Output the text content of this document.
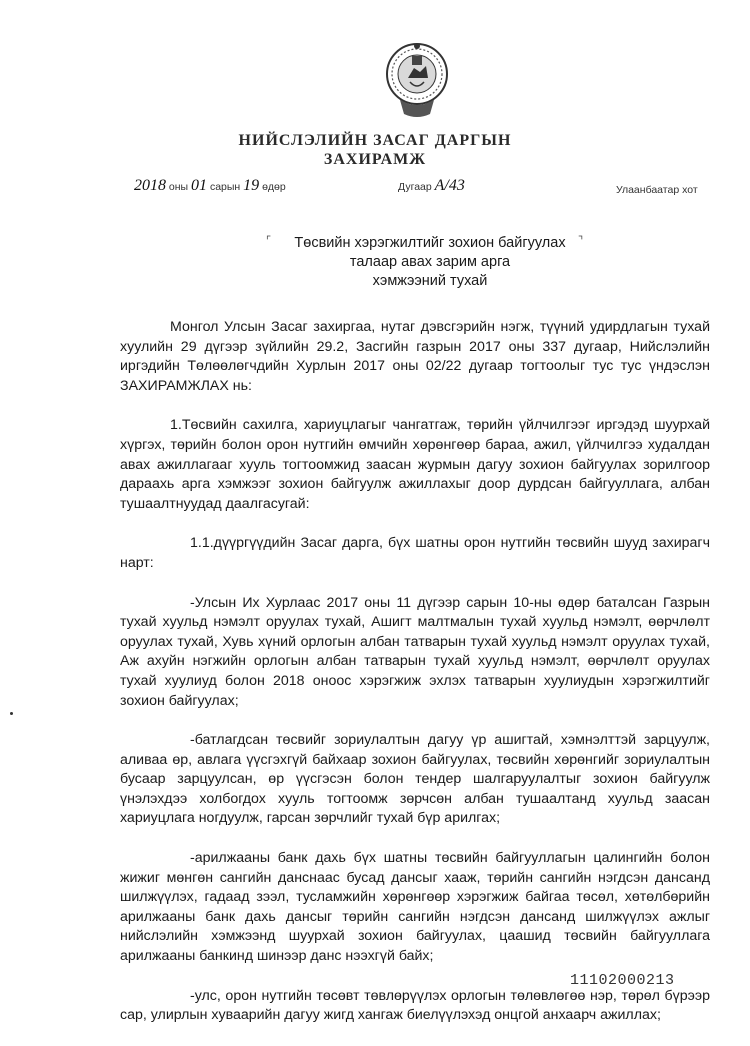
НИЙСЛЭЛИЙН ЗАСАГ ДАРГЫН
ЗАХИРАМЖ
2018 оны 01 сарын 19 өдөр	Дугаар А/43	Улаанбаатар хот
⌜	⌝
Төсвийн хэрэгжилтийг зохион байгуулах
талаар авах зарим арга
хэмжээний тухай

Монгол Улсын Засаг захиргаа, нутаг дэвсгэрийн нэгж, түүний удирдлагын тухай хуулийн 29 дүгээр зүйлийн 29.2, Засгийн газрын 2017 оны 337 дугаар, Нийслэлийн иргэдийн Төлөөлөгчдийн Хурлын 2017 оны 02/22 дугаар тогтоолыг тус тус үндэслэн ЗАХИРАМЖЛАХ нь:

1.Төсвийн сахилга, хариуцлагыг чангатгаж, төрийн үйлчилгээг иргэдэд шуурхай хүргэх, төрийн болон орон нутгийн өмчийн хөрөнгөөр бараа, ажил, үйлчилгээ худалдан авах ажиллагааг хууль тогтоомжид заасан журмын дагуу зохион байгуулах зорилгоор дараахь арга хэмжээг зохион байгуулж ажиллахыг доор дурдсан байгууллага, албан тушаалтнуудад даалгасугай:

1.1.дүүргүүдийн Засаг дарга, бүх шатны орон нутгийн төсвийн шууд захирагч нарт:

-Улсын Их Хурлаас 2017 оны 11 дүгээр сарын 10-ны өдөр баталсан Газрын тухай хуульд нэмэлт оруулах тухай, Ашигт малтмалын тухай хуульд нэмэлт, өөрчлөлт оруулах тухай, Хувь хүний орлогын албан татварын тухай хуульд нэмэлт оруулах тухай, Аж ахуйн нэгжийн орлогын албан татварын тухай хуульд нэмэлт, өөрчлөлт оруулах тухай хуулиуд болон 2018 оноос хэрэгжиж эхлэх татварын хуулиудын хэрэгжилтийг зохион байгуулах;

-батлагдсан төсвийг зориулалтын дагуу үр ашигтай, хэмнэлттэй зарцуулж, аливаа өр, авлага үүсгэхгүй байхаар зохион байгуулах, төсвийн хөрөнгийг зориулалтын бусаар зарцуулсан, өр үүсгэсэн болон тендер шалгаруулалтыг зохион байгуулж үнэлэхдээ холбогдох хууль тогтоомж зөрчсөн албан тушаалтанд хуульд заасан хариуцлага ногдуулж, гарсан зөрчлийг тухай бүр арилгах;

-арилжааны банк дахь бүх шатны төсвийн байгууллагын цалингийн болон жижиг мөнгөн сангийн данснаас бусад дансыг хааж, төрийн сангийн нэгдсэн дансанд шилжүүлэх, гадаад зээл, тусламжийн хөрөнгөөр хэрэгжиж байгаа төсөл, хөтөлбөрийн арилжааны банк дахь дансыг төрийн сангийн нэгдсэн дансанд шилжүүлэх ажлыг нийслэлийн хэмжээнд шуурхай зохион байгуулах, цаашид төсвийн байгууллага арилжааны банкинд шинээр данс нээхгүй байх;

-улс, орон нутгийн төсөвт төвлөрүүлэх орлогын төлөвлөгөө нэр, төрөл бүрээр сар, улирлын хуваарийн дагуу жигд хангаж биелүүлэхэд онцгой анхаарч ажиллах;

11102000213
